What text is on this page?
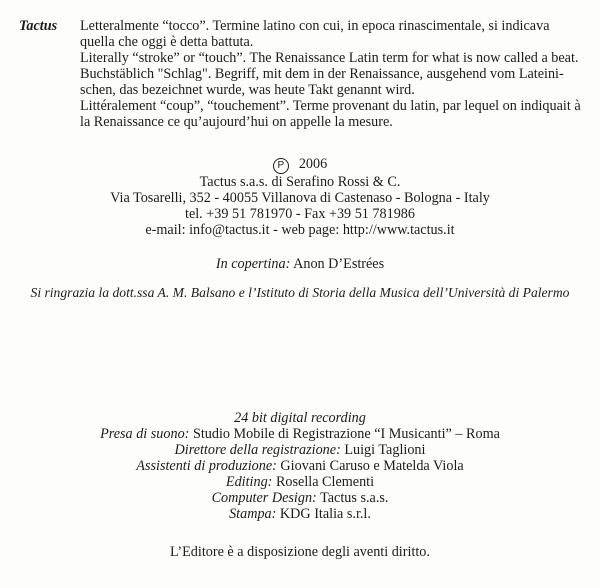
Tactus Letteralmente “tocco”. Termine latino con cui, in epoca rinascimentale, si indicava
quella che oggi è detta battuta.
Literally “stroke” or “touch”. The Renaissance Latin term for what is now called a beat.
Buchstäblich "Schlag". Begriff, mit dem in der Renaissance, ausgehend vom Lateini-
schen, das bezeichnet wurde, was heute Takt genannt wird.
Littéralement “coup”, “touchement”. Terme provenant du latin, par lequel on indiquait à
la Renaissance ce qu’aujourd’hui on appelle la mesure.
P 2006
Tactus s.a.s. di Serafino Rossi & C.
Via Tosarelli, 352 - 40055 Villanova di Castenaso - Bologna - Italy
tel. +39 51 781970 - Fax +39 51 781986
e-mail: info@tactus.it - web page: http://www.tactus.it
In copertina: Anon D’Estrées
Si ringrazia la dott.ssa A. M. Balsano e l’Istituto di Storia della Musica dell’Università di Palermo
24 bit digital recording
Presa di suono: Studio Mobile di Registrazione “I Musicanti” – Roma
Direttore della registrazione: Luigi Taglioni
Assistenti di produzione: Giovani Caruso e Matelda Viola
Editing: Rosella Clementi
Computer Design: Tactus s.a.s.
Stampa: KDG Italia s.r.l.
L’Editore è a disposizione degli aventi diritto.
